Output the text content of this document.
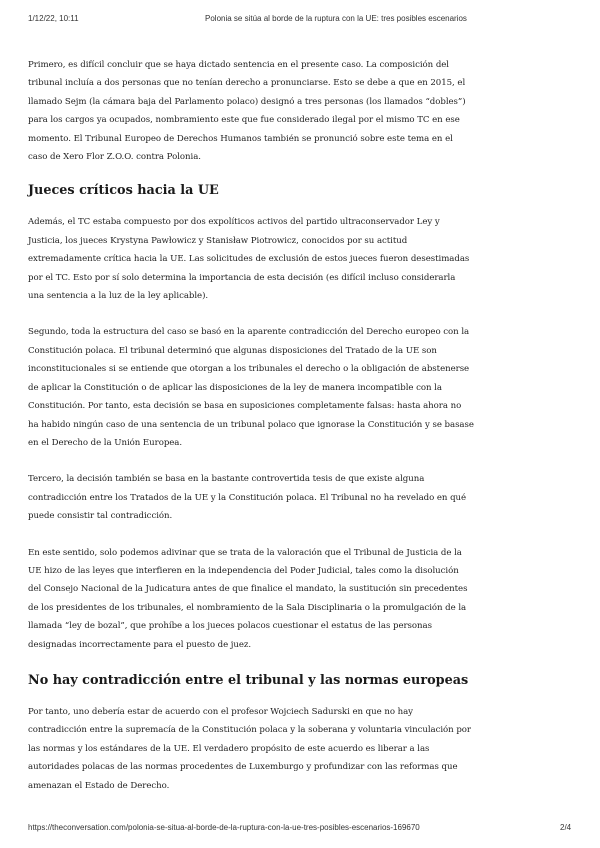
1/12/22, 10:11	Polonia se sitúa al borde de la ruptura con la UE: tres posibles escenarios

Primero, es difícil concluir que se haya dictado sentencia en el presente caso. La composición del tribunal incluía a dos personas que no tenían derecho a pronunciarse. Esto se debe a que en 2015, el llamado Sejm (la cámara baja del Parlamento polaco) designó a tres personas (los llamados “dobles”) para los cargos ya ocupados, nombramiento este que fue considerado ilegal por el mismo TC en ese momento. El Tribunal Europeo de Derechos Humanos también se pronunció sobre este tema en el caso de Xero Flor Z.O.O. contra Polonia.

Jueces críticos hacia la UE

Además, el TC estaba compuesto por dos expolíticos activos del partido ultraconservador Ley y Justicia, los jueces Krystyna Pawłowicz y Stanisław Piotrowicz, conocidos por su actitud extremadamente crítica hacia la UE. Las solicitudes de exclusión de estos jueces fueron desestimadas por el TC. Esto por sí solo determina la importancia de esta decisión (es difícil incluso considerarla una sentencia a la luz de la ley aplicable).

Segundo, toda la estructura del caso se basó en la aparente contradicción del Derecho europeo con la Constitución polaca. El tribunal determinó que algunas disposiciones del Tratado de la UE son inconstitucionales si se entiende que otorgan a los tribunales el derecho o la obligación de abstenerse de aplicar la Constitución o de aplicar las disposiciones de la ley de manera incompatible con la Constitución. Por tanto, esta decisión se basa en suposiciones completamente falsas: hasta ahora no ha habido ningún caso de una sentencia de un tribunal polaco que ignorase la Constitución y se basase en el Derecho de la Unión Europea.

Tercero, la decisión también se basa en la bastante controvertida tesis de que existe alguna contradicción entre los Tratados de la UE y la Constitución polaca. El Tribunal no ha revelado en qué puede consistir tal contradicción.

En este sentido, solo podemos adivinar que se trata de la valoración que el Tribunal de Justicia de la UE hizo de las leyes que interfieren en la independencia del Poder Judicial, tales como la disolución del Consejo Nacional de la Judicatura antes de que finalice el mandato, la sustitución sin precedentes de los presidentes de los tribunales, el nombramiento de la Sala Disciplinaria o la promulgación de la llamada “ley de bozal”, que prohíbe a los jueces polacos cuestionar el estatus de las personas designadas incorrectamente para el puesto de juez.

No hay contradicción entre el tribunal y las normas europeas

Por tanto, uno debería estar de acuerdo con el profesor Wojciech Sadurski en que no hay contradicción entre la supremacía de la Constitución polaca y la soberana y voluntaria vinculación por las normas y los estándares de la UE. El verdadero propósito de este acuerdo es liberar a las autoridades polacas de las normas procedentes de Luxemburgo y profundizar con las reformas que amenazan el Estado de Derecho.

https://theconversation.com/polonia-se-situa-al-borde-de-la-ruptura-con-la-ue-tres-posibles-escenarios-169670	2/4
